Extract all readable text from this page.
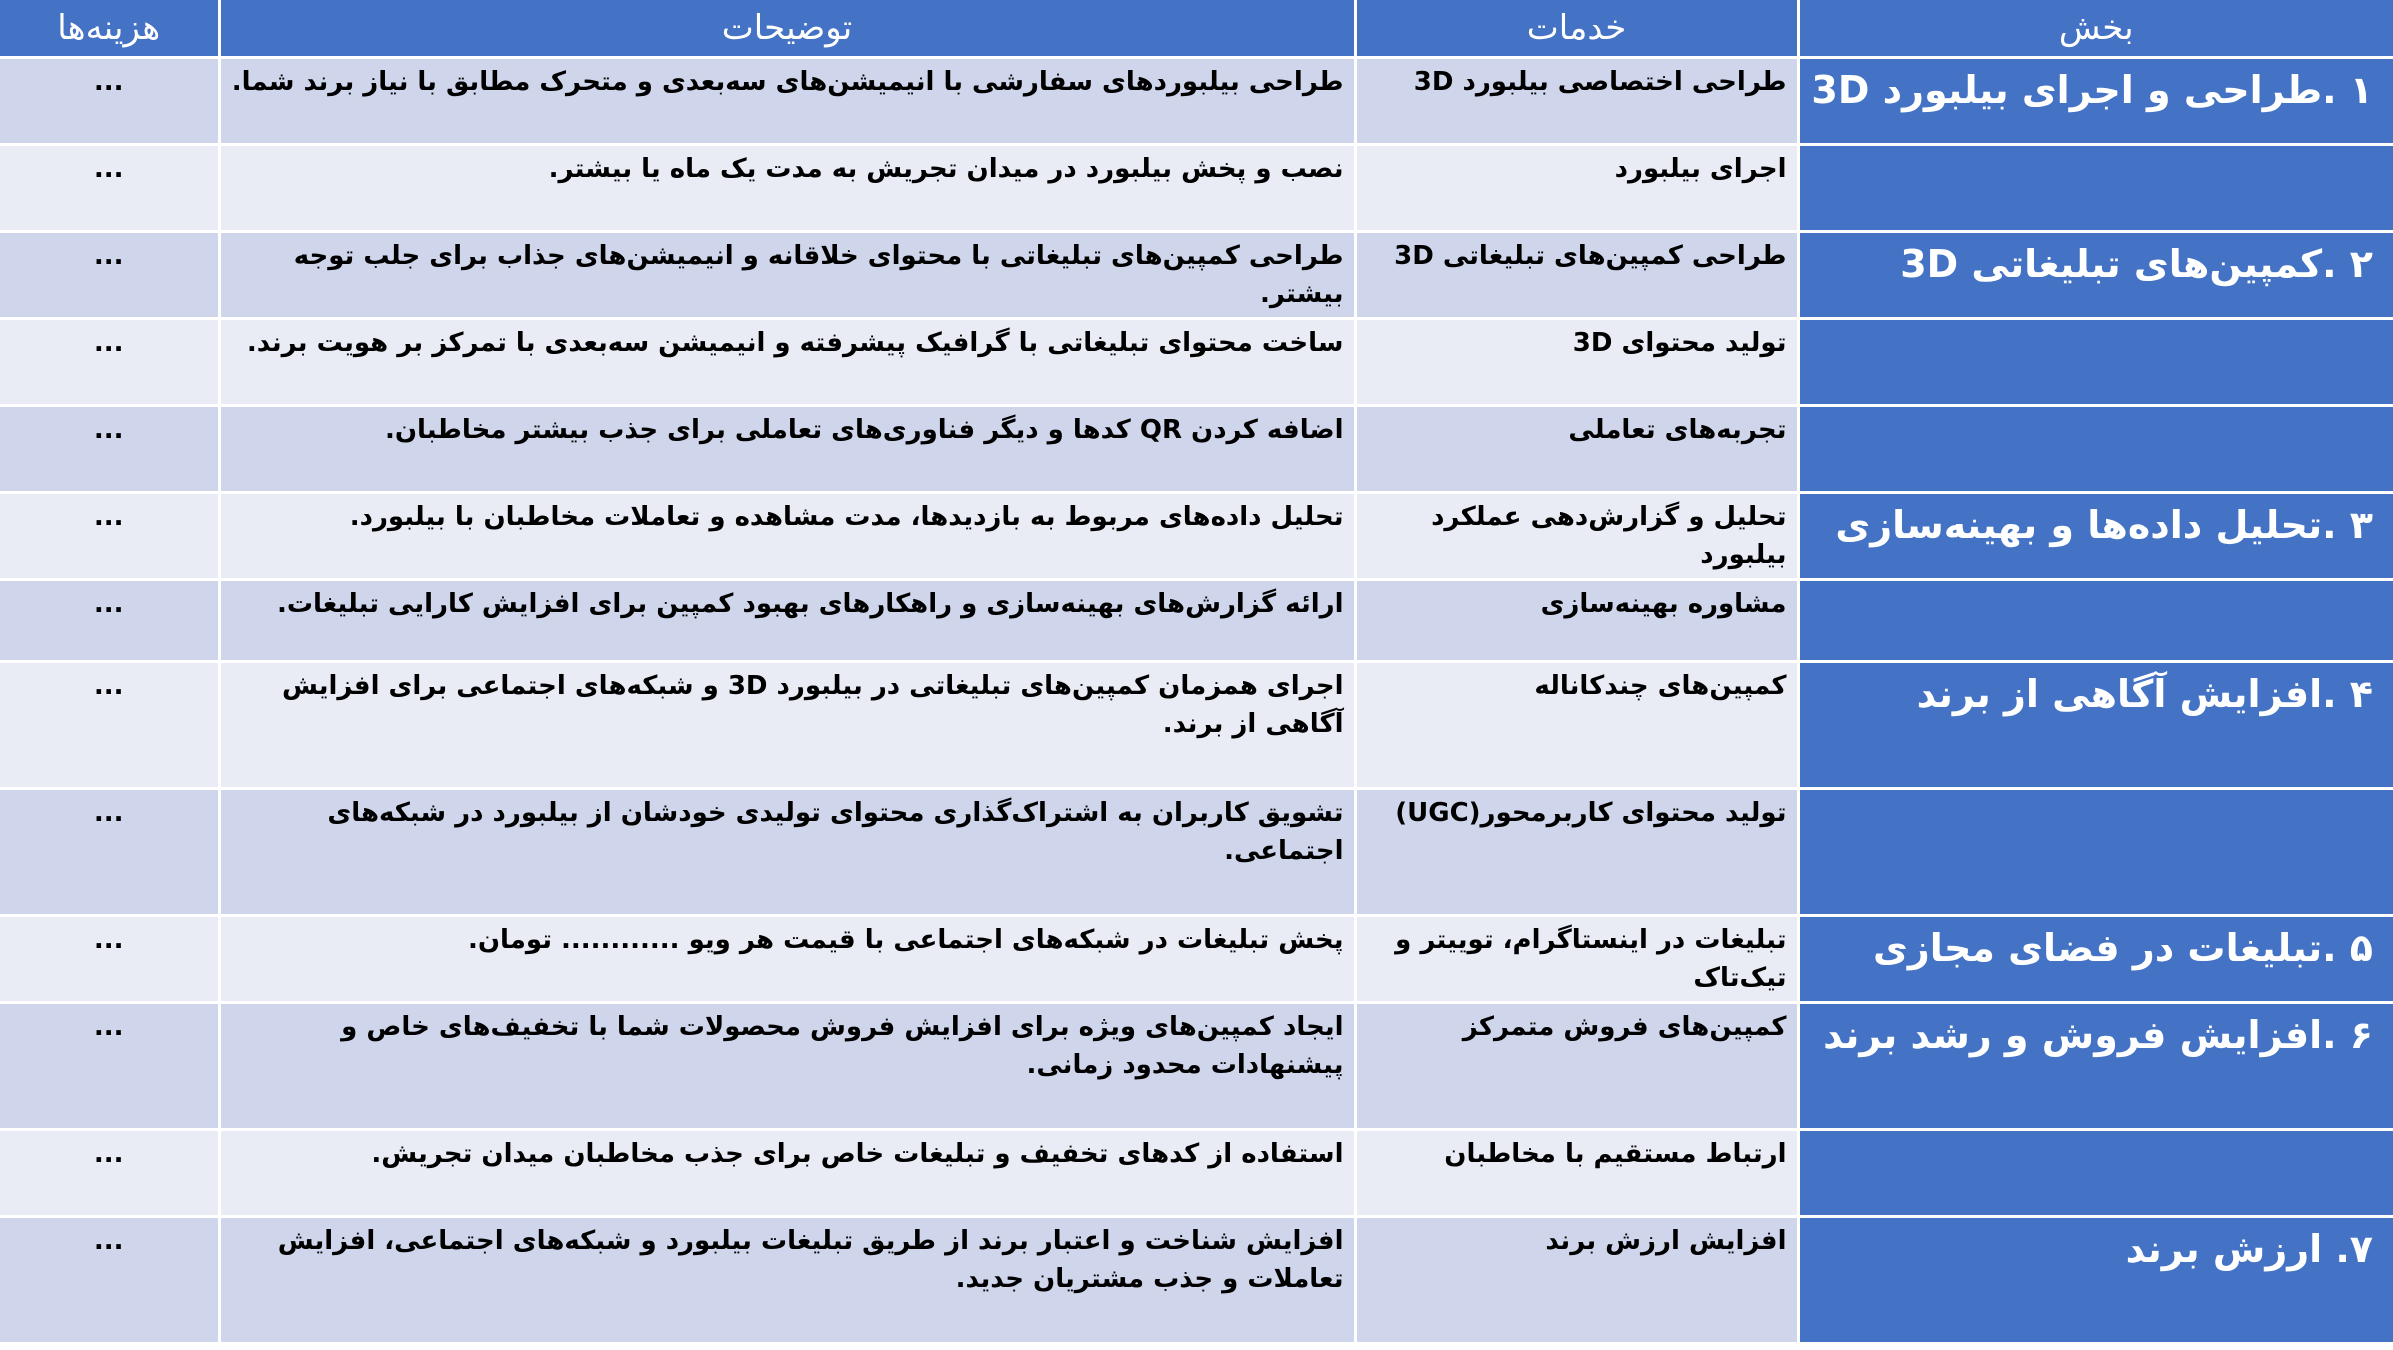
بخش	خدمات	توضیحات	هزینه‌ها
۱ .طراحی و اجرای بیلبورد 3D	طراحی اختصاصی بیلبورد 3D	طراحی بیلبوردهای سفارشی با انیمیشن‌های سه‌بعدی و متحرک مطابق با نیاز برند شما.	...
	اجرای بیلبورد	نصب و پخش بیلبورد در میدان تجریش به مدت یک ماه یا بیشتر.	...
۲ .کمپین‌های تبلیغاتی 3D	طراحی کمپین‌های تبلیغاتی 3D	طراحی کمپین‌های تبلیغاتی با محتوای خلاقانه و انیمیشن‌های جذاب برای جلب توجه بیشتر.	...
	تولید محتوای 3D	ساخت محتوای تبلیغاتی با گرافیک پیشرفته و انیمیشن سه‌بعدی با تمرکز بر هویت برند.	...
	تجربه‌های تعاملی	اضافه کردن QR کدها و دیگر فناوری‌های تعاملی برای جذب بیشتر مخاطبان.	...
۳ .تحلیل داده‌ها و بهینه‌سازی	تحلیل و گزارش‌دهی عملکرد بیلبورد	تحلیل داده‌های مربوط به بازدیدها، مدت مشاهده و تعاملات مخاطبان با بیلبورد.	...
	مشاوره بهینه‌سازی	ارائه گزارش‌های بهینه‌سازی و راهکارهای بهبود کمپین برای افزایش کارایی تبلیغات.	...
۴ .افزایش آگاهی از برند	کمپین‌های چندکاناله	اجرای همزمان کمپین‌های تبلیغاتی در بیلبورد 3D و شبکه‌های اجتماعی برای افزایش آگاهی از برند.	...
	تولید محتوای کاربرمحور(UGC)	تشویق کاربران به اشتراک‌گذاری محتوای تولیدی خودشان از بیلبورد در شبکه‌های اجتماعی.	...
۵ .تبلیغات در فضای مجازی	تبلیغات در اینستاگرام، توییتر و تیک‌تاک	پخش تبلیغات در شبکه‌های اجتماعی با قیمت هر ویو ............ تومان.	...
۶ .افزایش فروش و رشد برند	کمپین‌های فروش متمرکز	ایجاد کمپین‌های ویژه برای افزایش فروش محصولات شما با تخفیف‌های خاص و پیشنهادات محدود زمانی.	...
	ارتباط مستقیم با مخاطبان	استفاده از کدهای تخفیف و تبلیغات خاص برای جذب مخاطبان میدان تجریش.	...
۷. ارزش برند	افزایش ارزش برند	افزایش شناخت و اعتبار برند از طریق تبلیغات بیلبورد و شبکه‌های اجتماعی، افزایش تعاملات و جذب مشتریان جدید.	...
